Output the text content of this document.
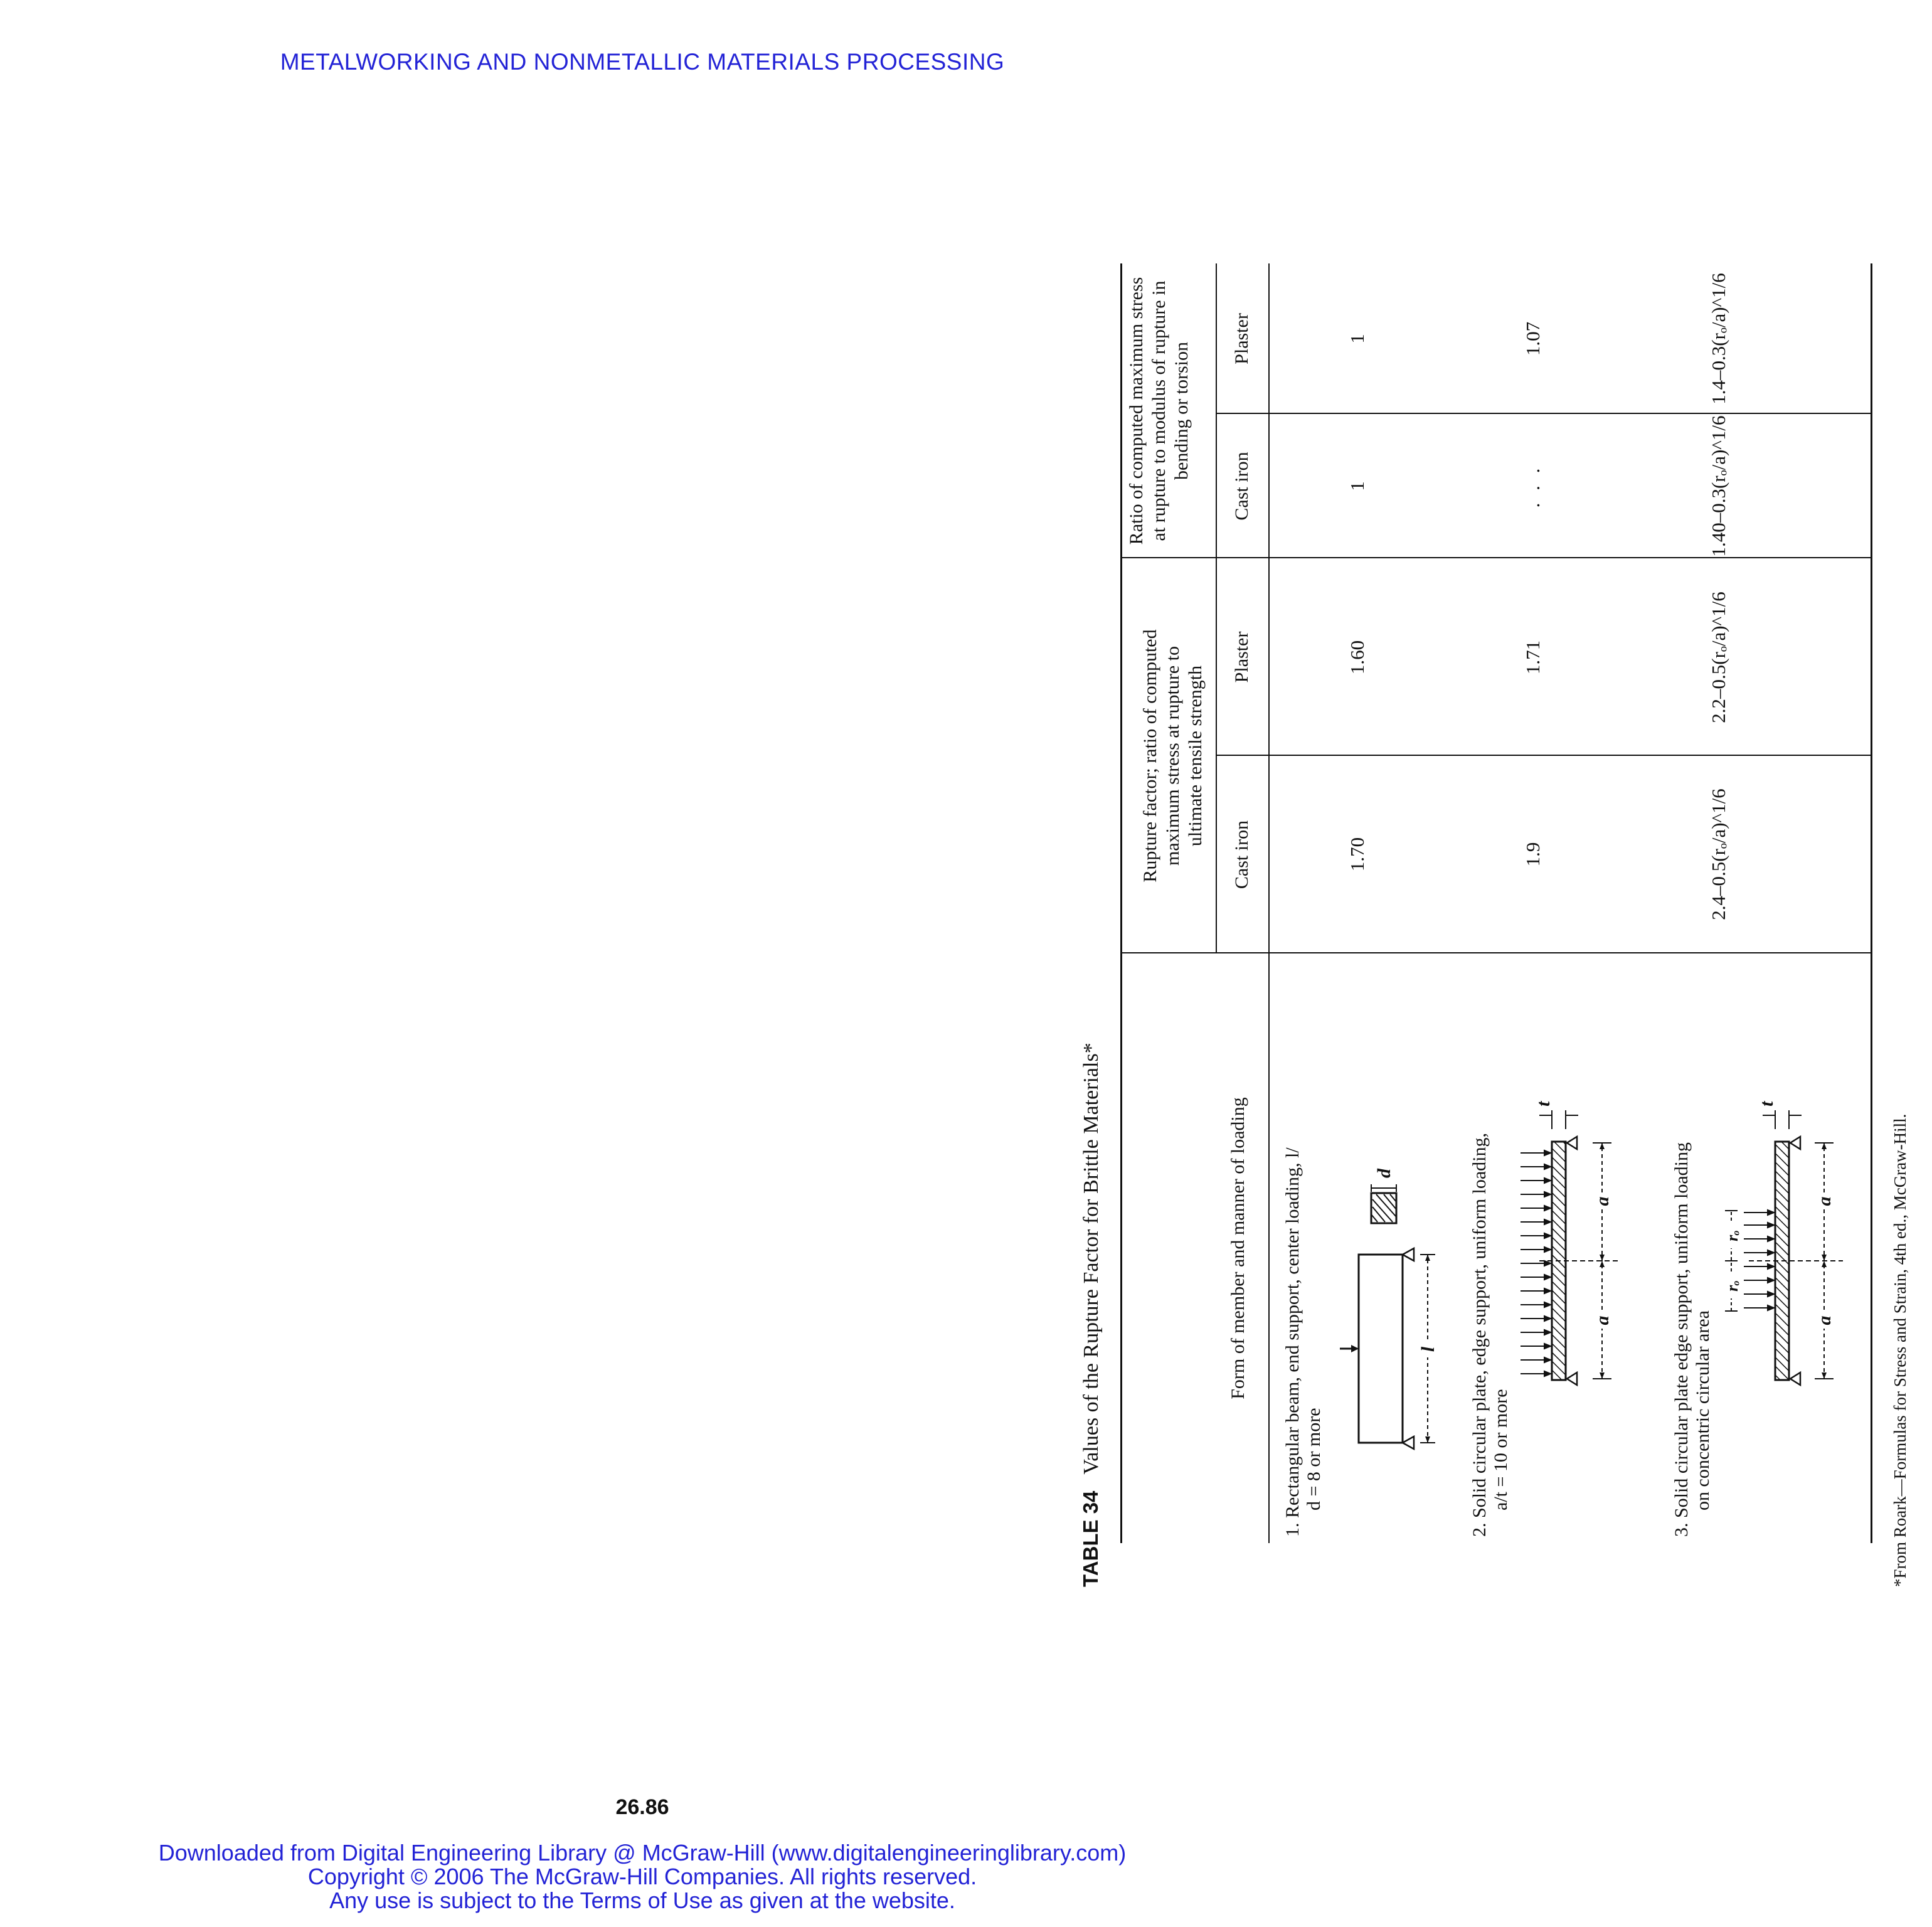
METALWORKING AND NONMETALLIC MATERIALS PROCESSING
TABLE 34Values of the Rupture Factor for Brittle Materials*	Form of member and manner of loading
Rupture factor; ratio of computed maximum stress at rupture to ultimate tensile strength
Ratio of computed maximum stress at rupture to modulus of rupture in bending or torsion
Cast iron
Plaster
Cast iron
Plaster
1. Rectangular beam, end support, center loading, l/ d = 8 or more
l
d
1.70
1.60
1
1
2. Solid circular plate, edge support, uniform loading, a/t = 10 or more
a
a
t
1.9
1.71
. . .
1.07
3. Solid circular plate edge support, uniform loading on concentric circular area
rₒ
rₒ
a
a
t
2.4–0.5(rₒ/a)^1/6
2.2–0.5(rₒ/a)^1/6
1.40–0.3(rₒ/a)^1/6
1.4–0.3(rₒ/a)^1/6
*From Roark—Formulas for Stress and Strain, 4th ed., McGraw-Hill.
26.86
Downloaded from Digital Engineering Library @ McGraw-Hill (www.digitalengineeringlibrary.com)
Copyright © 2006 The McGraw-Hill Companies. All rights reserved.
Any use is subject to the Terms of Use as given at the website.
